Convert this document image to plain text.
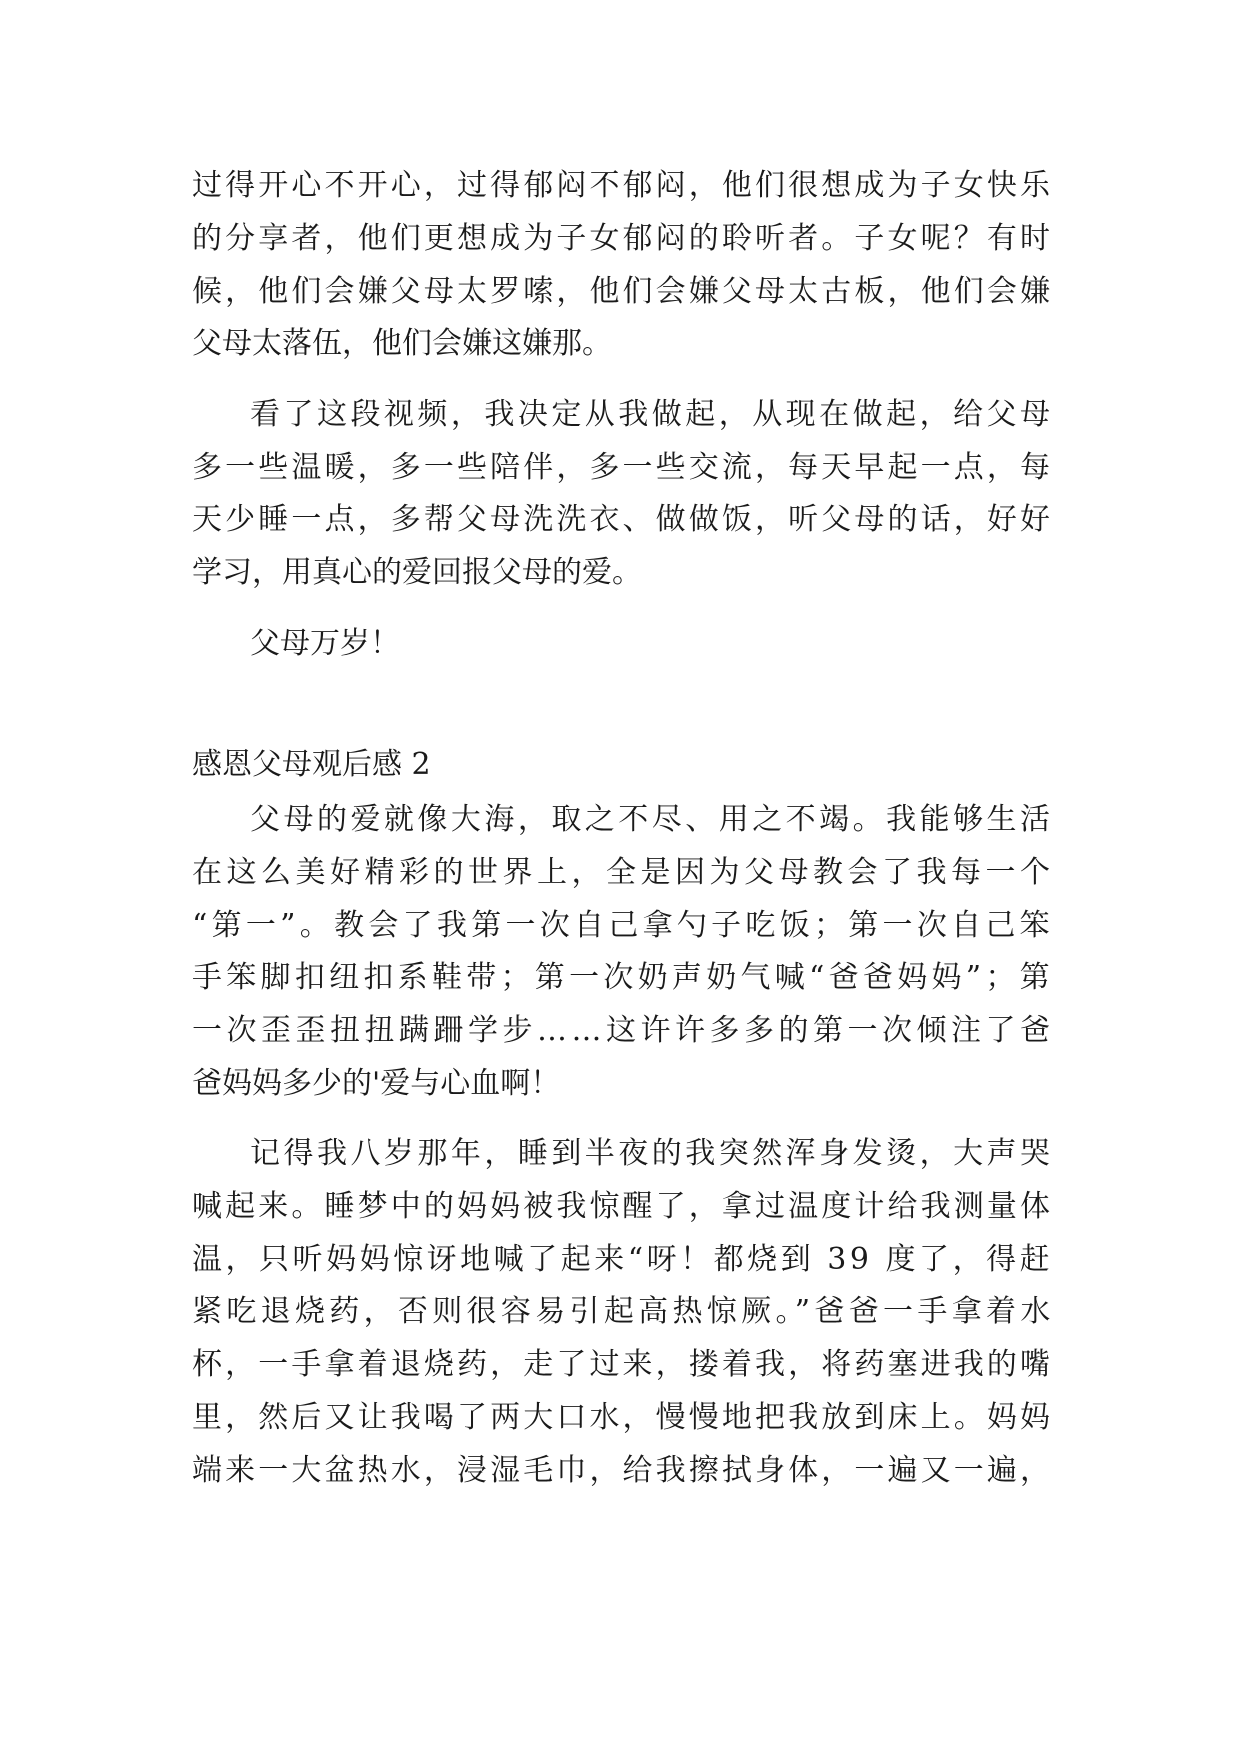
过得开心不开心，过得郁闷不郁闷，他们很想成为子女快乐
的分享者，他们更想成为子女郁闷的聆听者。子女呢？有时
候，他们会嫌父母太罗嗦，他们会嫌父母太古板，他们会嫌
父母太落伍，他们会嫌这嫌那。
看了这段视频，我决定从我做起，从现在做起，给父母
多一些温暖，多一些陪伴，多一些交流，每天早起一点，每
天少睡一点，多帮父母洗洗衣、做做饭，听父母的话，好好
学习，用真心的爱回报父母的爱。
父母万岁！
感恩父母观后感 2
父母的爱就像大海，取之不尽、用之不竭。我能够生活
在这么美好精彩的世界上，全是因为父母教会了我每一个
“第一”。教会了我第一次自己拿勺子吃饭；第一次自己笨
手笨脚扣纽扣系鞋带；第一次奶声奶气喊“爸爸妈妈”；第
一次歪歪扭扭蹒跚学步……这许许多多的第一次倾注了爸
爸妈妈多少的'爱与心血啊！
记得我八岁那年，睡到半夜的我突然浑身发烫，大声哭
喊起来。睡梦中的妈妈被我惊醒了，拿过温度计给我测量体
温，只听妈妈惊讶地喊了起来“呀！都烧到 39 度了，得赶
紧吃退烧药，否则很容易引起高热惊厥。”爸爸一手拿着水
杯，一手拿着退烧药，走了过来，搂着我，将药塞进我的嘴
里，然后又让我喝了两大口水，慢慢地把我放到床上。妈妈
端来一大盆热水，浸湿毛巾，给我擦拭身体，一遍又一遍，
